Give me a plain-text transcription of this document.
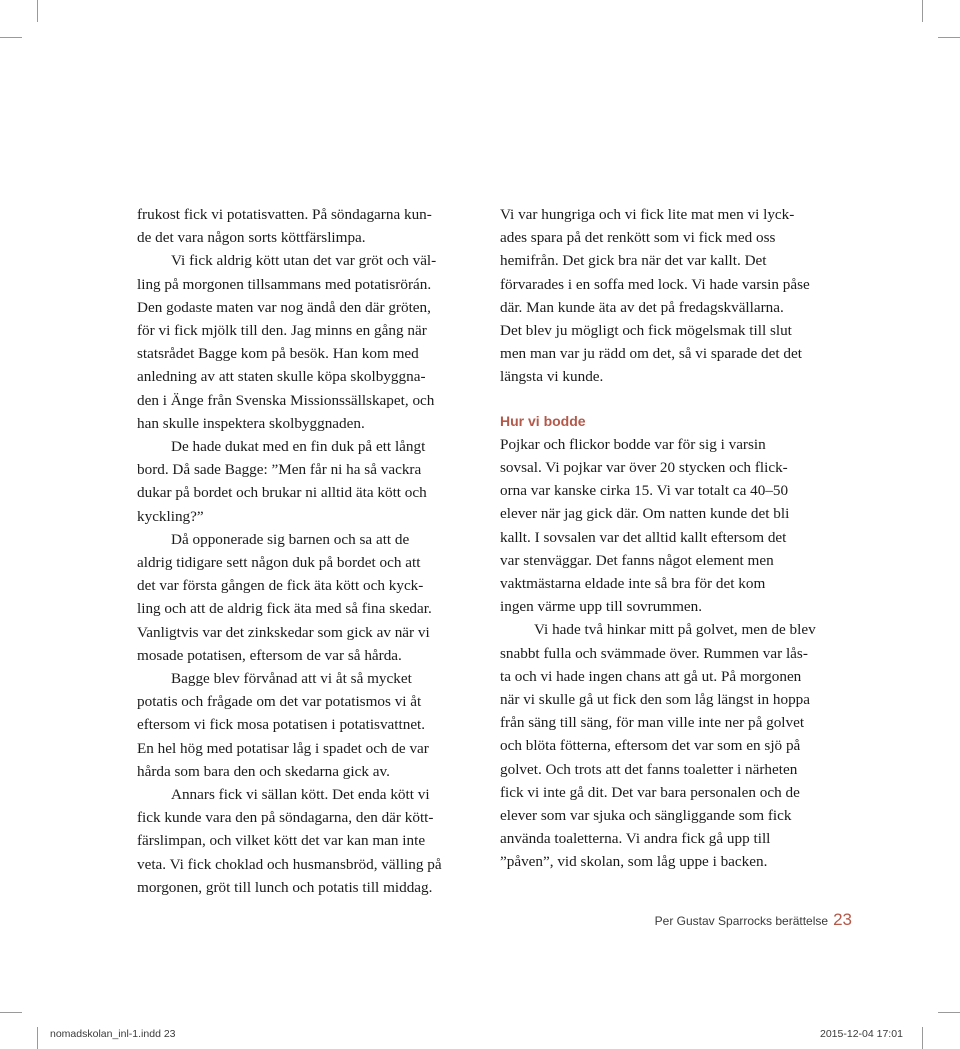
frukost fick vi potatisvatten. På söndagarna kun-
de det vara någon sorts köttfärslimpa.
Vi fick aldrig kött utan det var gröt och väl-
ling på morgonen tillsammans med potatisrörán.
Den godaste maten var nog ändå den där gröten,
för vi fick mjölk till den. Jag minns en gång när
statsrådet Bagge kom på besök. Han kom med
anledning av att staten skulle köpa skolbyggna-
den i Änge från Svenska Missionssällskapet, och
han skulle inspektera skolbyggnaden.
De hade dukat med en fin duk på ett långt
bord. Då sade Bagge: ”Men får ni ha så vackra
dukar på bordet och brukar ni alltid äta kött och
kyckling?”
Då opponerade sig barnen och sa att de
aldrig tidigare sett någon duk på bordet och att
det var första gången de fick äta kött och kyck-
ling och att de aldrig fick äta med så fina skedar.
Vanligtvis var det zinkskedar som gick av när vi
mosade potatisen, eftersom de var så hårda.
Bagge blev förvånad att vi åt så mycket
potatis och frågade om det var potatismos vi åt
eftersom vi fick mosa potatisen i potatisvattnet.
En hel hög med potatisar låg i spadet och de var
hårda som bara den och skedarna gick av.
Annars fick vi sällan kött. Det enda kött vi
fick kunde vara den på söndagarna, den där kött-
färslimpan, och vilket kött det var kan man inte
veta. Vi fick choklad och husmansbröd, välling på
morgonen, gröt till lunch och potatis till middag.
Vi var hungriga och vi fick lite mat men vi lyck-
ades spara på det renkött som vi fick med oss
hemifrån. Det gick bra när det var kallt. Det
förvarades i en soffa med lock. Vi hade varsin påse
där. Man kunde äta av det på fredagskvällarna.
Det blev ju mögligt och fick mögelsmak till slut
men man var ju rädd om det, så vi sparade det det
längsta vi kunde.
Hur vi bodde
Pojkar och flickor bodde var för sig i varsin
sovsal. Vi pojkar var över 20 stycken och flick-
orna var kanske cirka 15. Vi var totalt ca 40–50
elever när jag gick där. Om natten kunde det bli
kallt. I sovsalen var det alltid kallt eftersom det
var stenväggar. Det fanns något element men
vaktmästarna eldade inte så bra för det kom
ingen värme upp till sovrummen.
Vi hade två hinkar mitt på golvet, men de blev
snabbt fulla och svämmade över. Rummen var lås-
ta och vi hade ingen chans att gå ut. På morgonen
när vi skulle gå ut fick den som låg längst in hoppa
från säng till säng, för man ville inte ner på golvet
och blöta fötterna, eftersom det var som en sjö på
golvet. Och trots att det fanns toaletter i närheten
fick vi inte gå dit. Det var bara personalen och de
elever som var sjuka och sängliggande som fick
använda toaletterna. Vi andra fick gå upp till
”påven”, vid skolan, som låg uppe i backen.
Per Gustav Sparrocks berättelse 23
nomadskolan_inl-1.indd 23	2015-12-04 17:01
